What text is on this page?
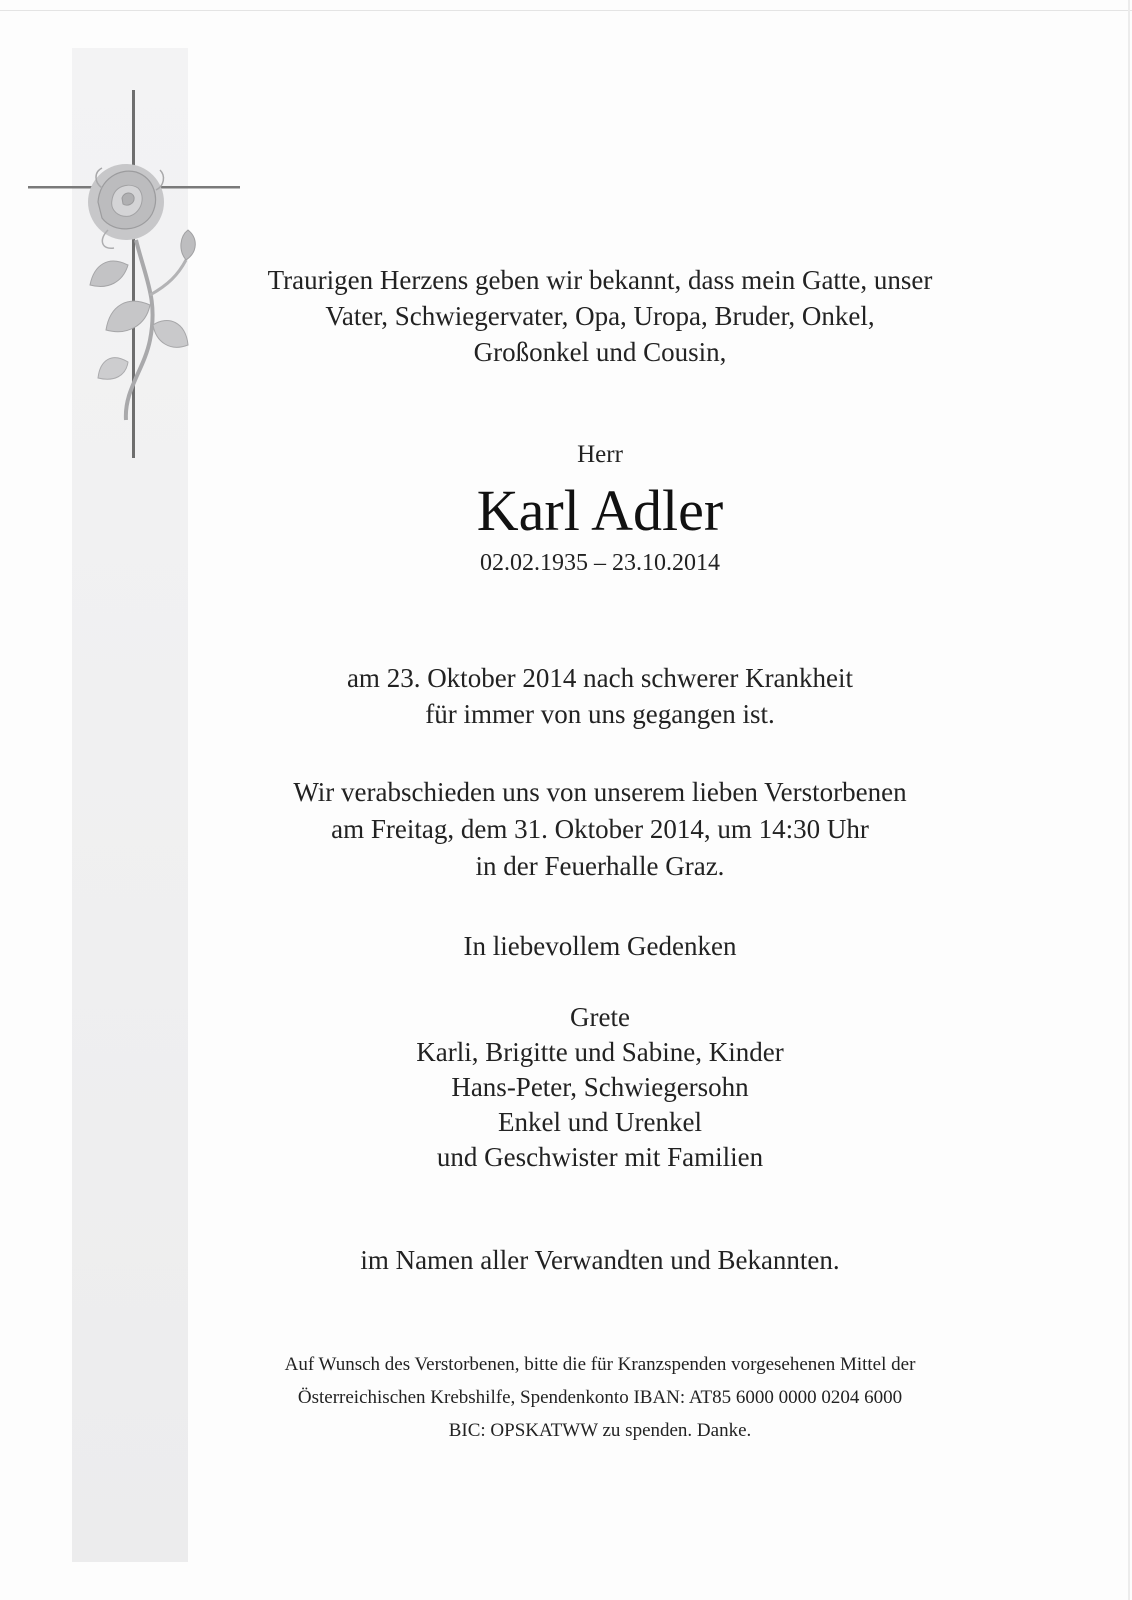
Traurigen Herzens geben wir bekannt, dass mein Gatte, unser
Vater, Schwiegervater, Opa, Uropa, Bruder, Onkel,
Großonkel und Cousin,
Herr
Karl Adler
02.02.1935 – 23.10.2014
am 23. Oktober 2014 nach schwerer Krankheit
für immer von uns gegangen ist.
Wir verabschieden uns von unserem lieben Verstorbenen
am Freitag, dem 31. Oktober 2014, um 14:30 Uhr
in der Feuerhalle Graz.
In liebevollem Gedenken
Grete
Karli, Brigitte und Sabine, Kinder
Hans-Peter, Schwiegersohn
Enkel und Urenkel
und Geschwister mit Familien
im Namen aller Verwandten und Bekannten.
Auf Wunsch des Verstorbenen, bitte die für Kranzspenden vorgesehenen Mittel der
Österreichischen Krebshilfe, Spendenkonto IBAN: AT85 6000 0000 0204 6000
BIC: OPSKATWW zu spenden. Danke.
